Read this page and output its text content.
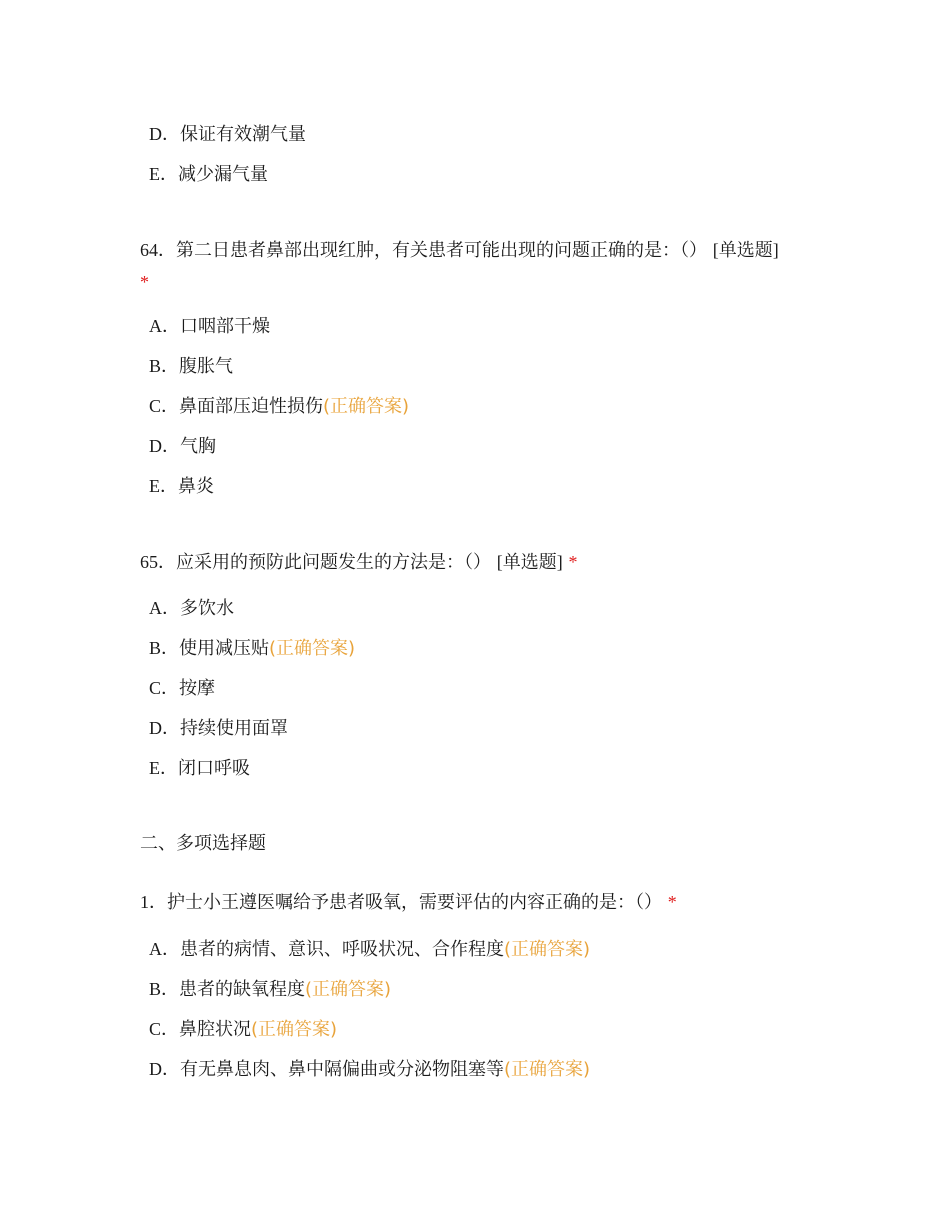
D．保证有效潮气量
E．减少漏气量
64．第二日患者鼻部出现红肿，有关患者可能出现的问题正确的是：（） [单选题]
*
A．口咽部干燥
B．腹胀气
C．鼻面部压迫性损伤(正确答案)
D．气胸
E．鼻炎
65．应采用的预防此问题发生的方法是：（） [单选题] *
A．多饮水
B．使用减压贴(正确答案)
C．按摩
D．持续使用面罩
E．闭口呼吸
二、多项选择题
1．护士小王遵医嘱给予患者吸氧，需要评估的内容正确的是：（） *
A．患者的病情、意识、呼吸状况、合作程度(正确答案)
B．患者的缺氧程度(正确答案)
C．鼻腔状况(正确答案)
D．有无鼻息肉、鼻中隔偏曲或分泌物阻塞等(正确答案)
